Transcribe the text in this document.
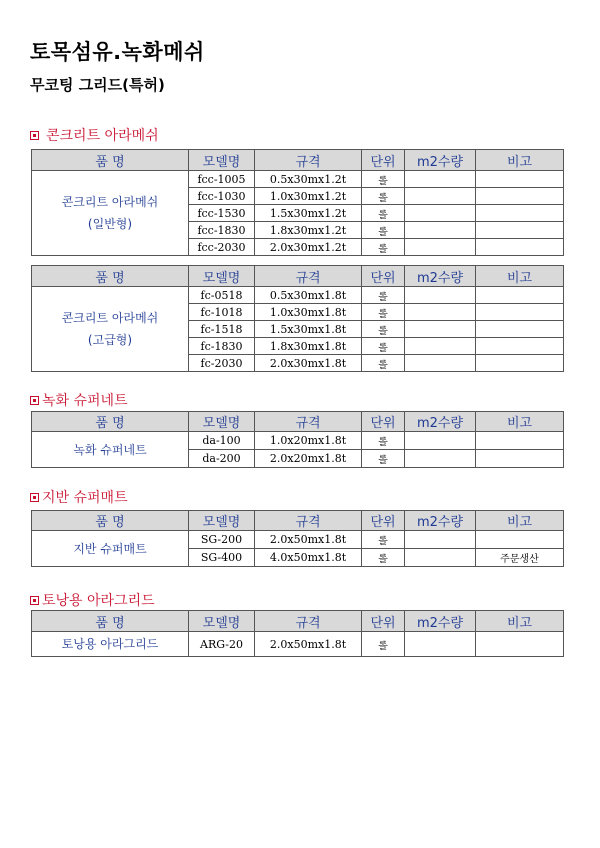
토목섬유.녹화메쉬
무코팅 그리드(특허)
콘크리트 아라메쉬
품 명	모델명	규격	단위	m2수량	비고

콘크리트 아라메쉬
(일반형)	fcc-1005	0.5x30mx1.2t	롤		
	fcc-1030	1.0x30mx1.2t	롤		
	fcc-1530	1.5x30mx1.2t	롤		
	fcc-1830	1.8x30mx1.2t	롤		
	fcc-2030	2.0x30mx1.2t	롤		
품 명	모델명	규격	단위	m2수량	비고

콘크리트 아라메쉬
(고급형)	fc-0518	0.5x30mx1.8t	롤		
	fc-1018	1.0x30mx1.8t	롤		
	fc-1518	1.5x30mx1.8t	롤		
	fc-1830	1.8x30mx1.8t	롤		
	fc-2030	2.0x30mx1.8t	롤		
녹화 슈퍼네트
품 명	모델명	규격	단위	m2수량	비고
녹화 슈퍼네트	da-100	1.0x20mx1.8t	롤		
	da-200	2.0x20mx1.8t	롤		
지반 슈퍼매트
품 명	모델명	규격	단위	m2수량	비고
지반 슈퍼매트	SG-200	2.0x50mx1.8t	롤		
	SG-400	4.0x50mx1.8t	롤		주문생산
토낭용 아라그리드
품 명	모델명	규격	단위	m2수량	비고
토낭용 아라그리드	ARG-20	2.0x50mx1.8t	롤		
